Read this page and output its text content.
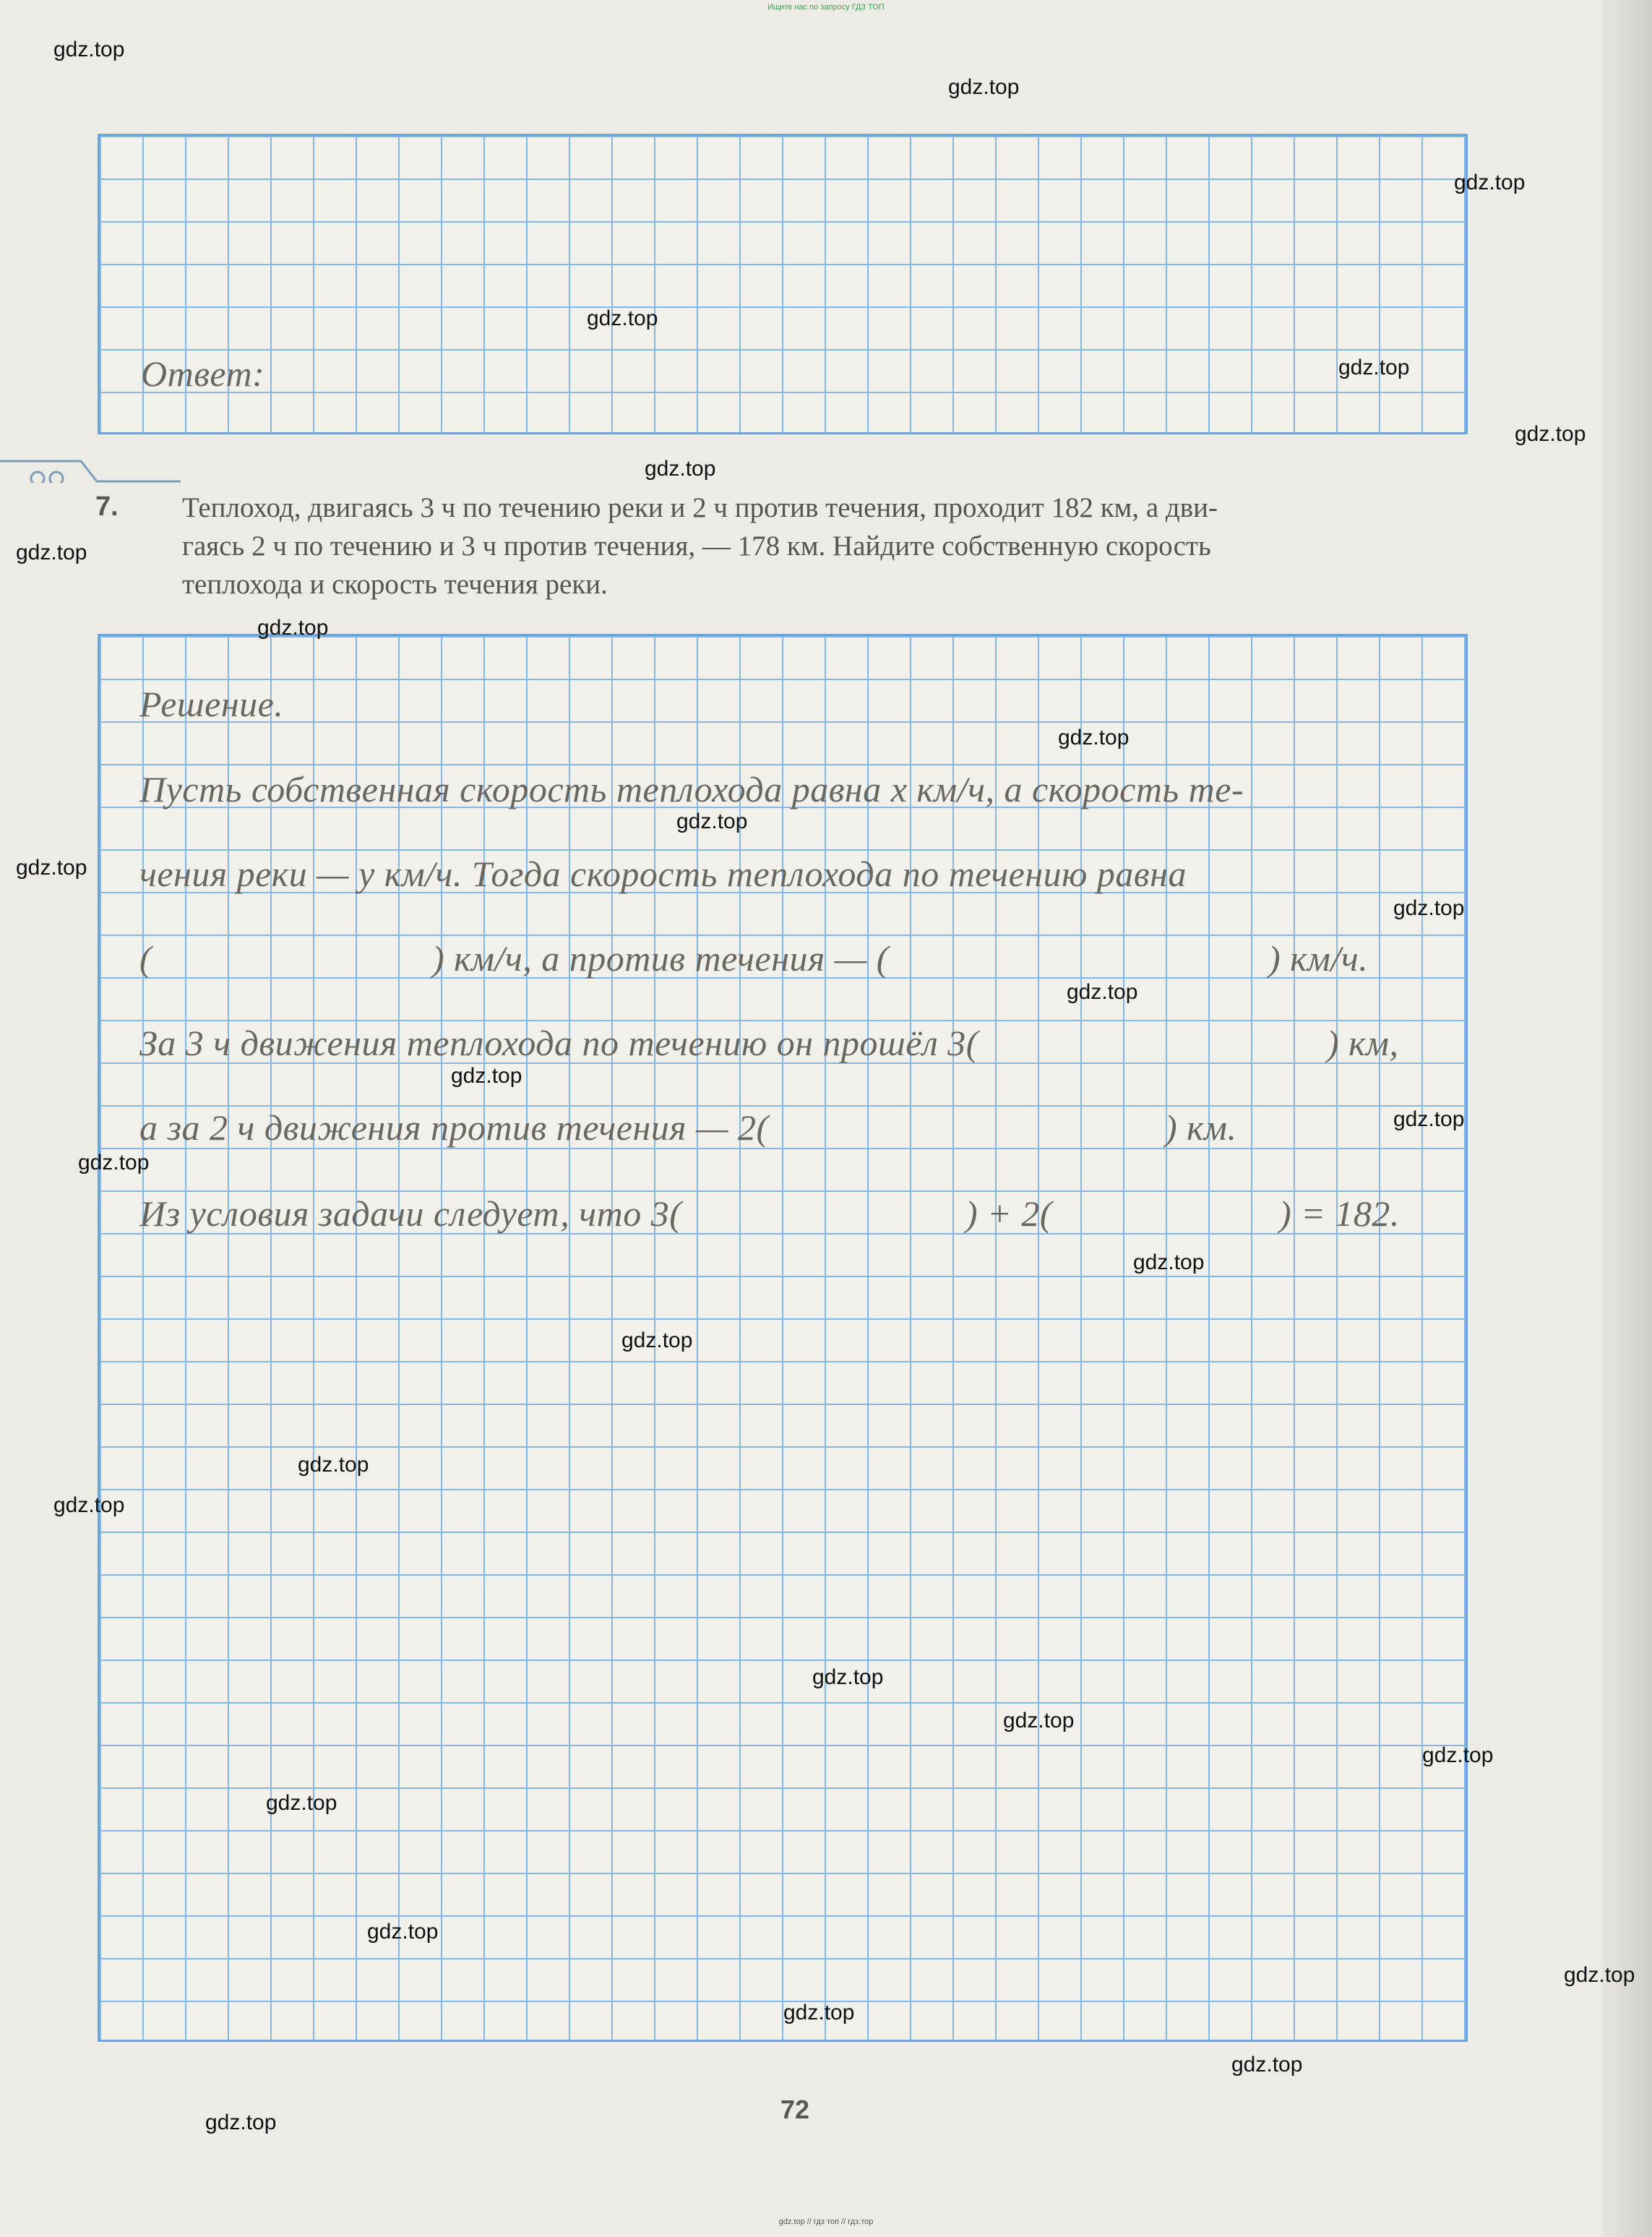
Ищите нас по запросу ГДЗ ТОП
Ответ:
7. Теплоход, двигаясь 3 ч по течению реки и 2 ч против течения, проходит 182 км, а дви-
гаясь 2 ч по течению и 3 ч против течения, — 178 км. Найдите собственную скорость
теплохода и скорость течения реки.
Решение.
Пусть собственная скорость теплохода равна x км/ч, а скорость те-
чения реки — y км/ч. Тогда скорость теплохода по течению равна
(	) км/ч, а против течения — (	) км/ч.
За 3 ч движения теплохода по течению он прошёл 3(	) км,
а за 2 ч движения против течения — 2(	) км.
Из условия задачи следует, что 3(	) + 2(	) = 182.
72
gdz.top
gdz.top
gdz.top
gdz.top
gdz.top
gdz.top
gdz.top
gdz.top
gdz.top
gdz.top
gdz.top
gdz.top
gdz.top
gdz.top
gdz.top
gdz.top
gdz.top
gdz.top
gdz.top
gdz.top
gdz.top
gdz.top
gdz.top
gdz.top
gdz.top
gdz.top
gdz.top
gdz.top
gdz.top
gdz.top
gdz.top // гдз топ // гдз.тор
